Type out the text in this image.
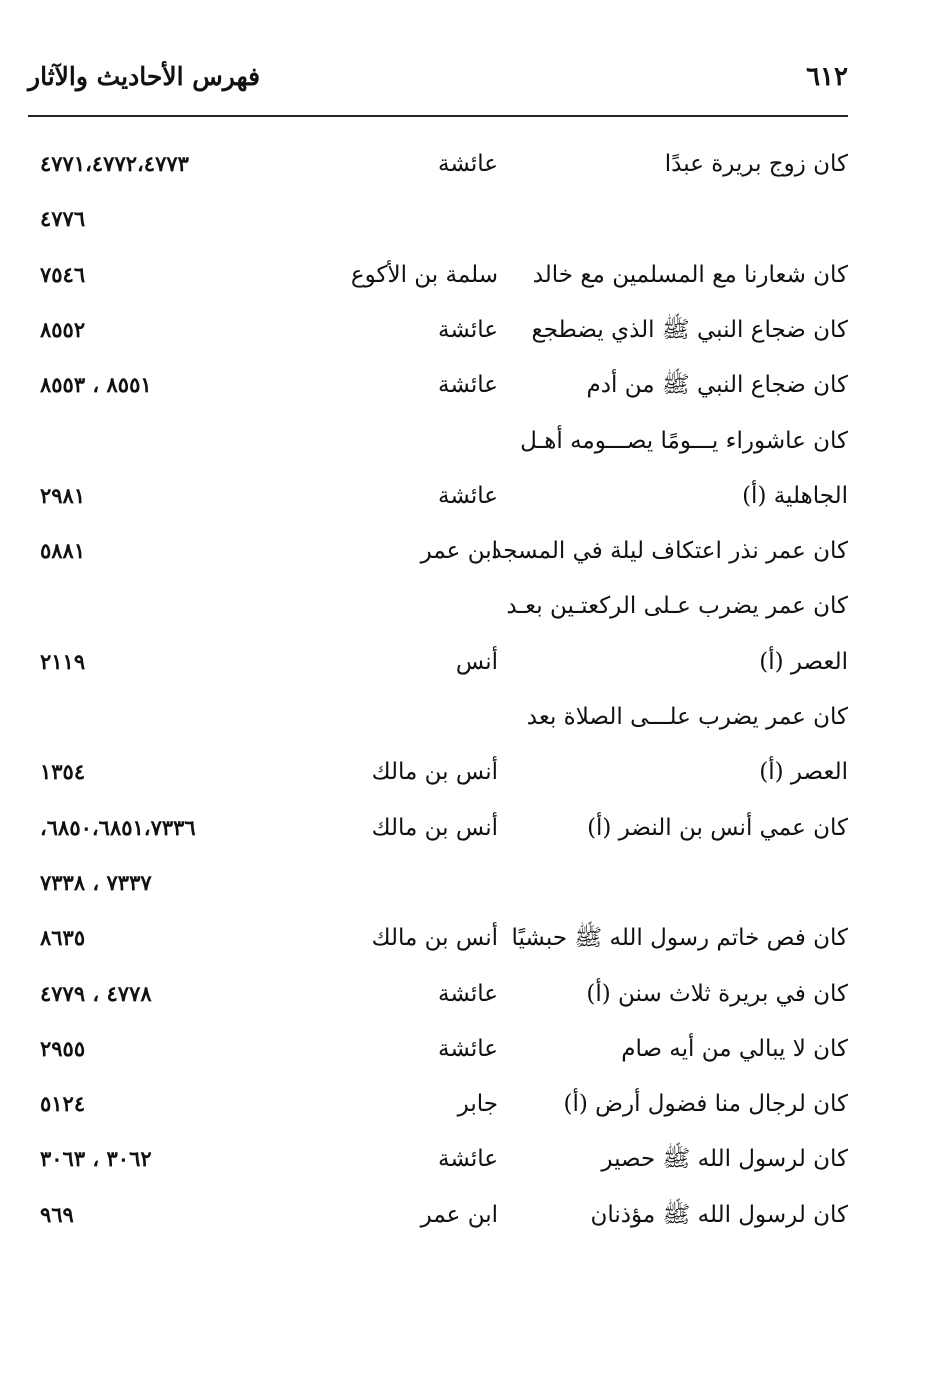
٦١٢
فهرس الأحاديث والآثار
كان زوج بريرة عبدًا
عائشة
٤٧٧١،٤٧٧٢،٤٧٧٣
٤٧٧٦
كان شعارنا مع المسلمين مع خالد
سلمة بن الأكوع
٧٥٤٦
كان ضجاع النبي ﷺ الذي يضطجع
عائشة
٨٥٥٢
كان ضجاع النبي ﷺ من أدم
عائشة
٨٥٥١ ، ٨٥٥٣
كان عاشوراء يـــومًا يصـــومه أهـل
الجاهلية (أ)
عائشة
٢٩٨١
كان عمر نذر اعتكاف ليلة في المسجد
ابن عمر
٥٨٨١
كان عمر يضرب عـلى الركعتـين بعـد
العصر (أ)
أنس
٢١١٩
كان عمر يضرب علـــى الصلاة بعد
العصر (أ)
أنس بن مالك
١٣٥٤
كان عمي أنس بن النضر (أ)
أنس بن مالك
٦٨٥٠،٦٨٥١،٧٣٣٦،
٧٣٣٧ ، ٧٣٣٨
كان فص خاتم رسول الله ﷺ حبشيًا
أنس بن مالك
٨٦٣٥
كان في بريرة ثلاث سنن (أ)
عائشة
٤٧٧٨ ، ٤٧٧٩
كان لا يبالي من أيه صام
عائشة
٢٩٥٥
كان لرجال منا فضول أرض (أ)
جابر
٥١٢٤
كان لرسول الله ﷺ حصير
عائشة
٣٠٦٢ ، ٣٠٦٣
كان لرسول الله ﷺ مؤذنان
ابن عمر
٩٦٩
